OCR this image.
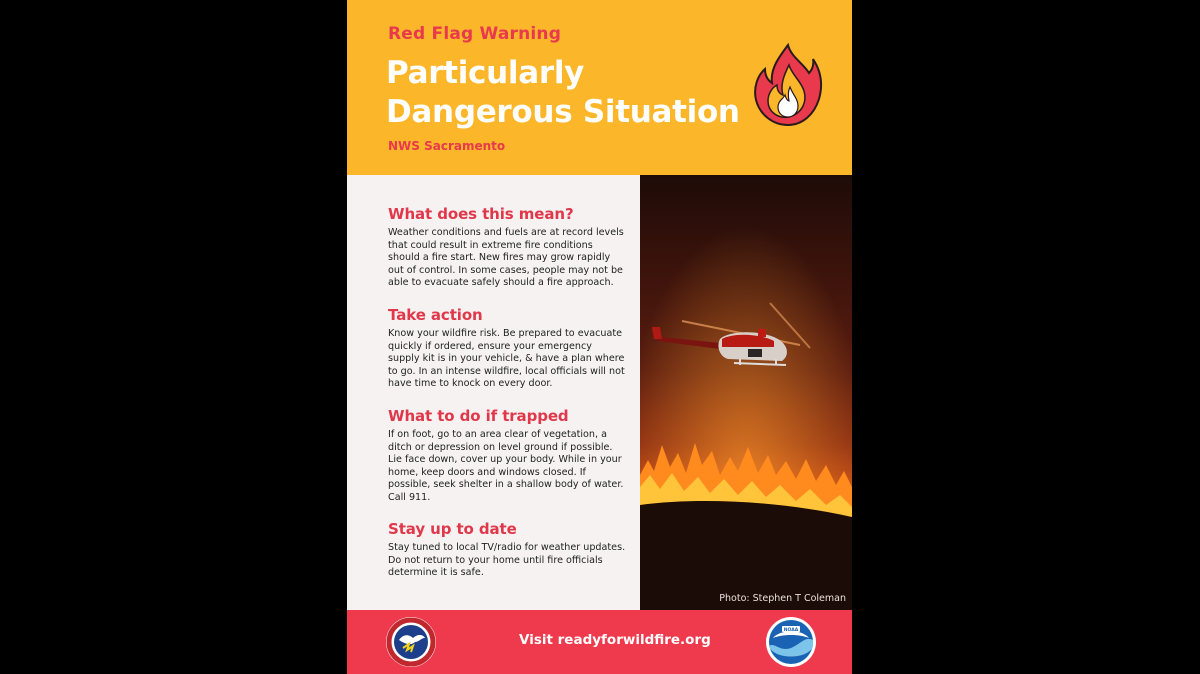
Red Flag Warning
Particularly
Dangerous Situation
NWS Sacramento
What does this mean?

Weather conditions and fuels are at record levels that could result in extreme fire conditions should a fire start. New fires may grow rapidly out of control. In some cases, people may not be able to evacuate safely should a fire approach.

Take action

Know your wildfire risk. Be prepared to evacuate quickly if ordered, ensure your emergency supply kit is in your vehicle, & have a plan where to go. In an intense wildfire, local officials will not have time to knock on every door.

What to do if trapped

If on foot, go to an area clear of vegetation, a ditch or depression on level ground if possible. Lie face down, cover up your body. While in your home, keep doors and windows closed. If possible, seek shelter in a shallow body of water. Call 911.

Stay up to date

Stay tuned to local TV/radio for weather updates. Do not return to your home until fire officials determine it is safe.

Photo: Stephen T Coleman
Visit readyforwildfire.org
NOAA
